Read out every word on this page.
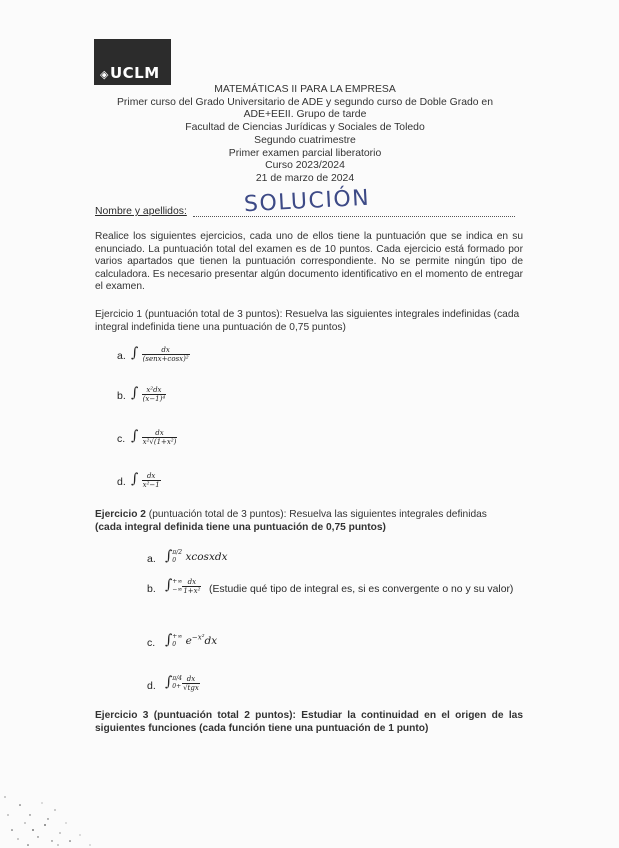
◈UCLM
MATEMÁTICAS II PARA LA EMPRESA
Primer curso del Grado Universitario de ADE y segundo curso de Doble Grado en
ADE+EEII. Grupo de tarde
Facultad de Ciencias Jurídicas y Sociales de Toledo
Segundo cuatrimestre
Primer examen parcial liberatorio
Curso 2023/2024
21 de marzo de 2024
Nombre y apellidos:	SOLUCIÓN
Realice los siguientes ejercicios, cada uno de ellos tiene la puntuación que se indica en su enunciado. La puntuación total del examen es de 10 puntos. Cada ejercicio está formado por varios apartados que tienen la puntuación correspondiente. No se permite ningún tipo de calculadora. Es necesario presentar algún documento identificativo en el momento de entregar el examen.
Ejercicio 1 (puntuación total de 3 puntos): Resuelva las siguientes integrales indefinidas (cada integral indefinida tiene una puntuación de 0,75 puntos)
a. ∫ $\frac{dx}{\text{(senx+cosx)²}}$
b. ∫ $\frac{\text{x²dx}}{\text{(x−1)⁴}}$
c. ∫ $\frac{dx}{\text{x²√(1+x²)}}$
d. ∫ $\frac{dx}{\text{x²−1}}$
Ejercicio 2 (puntuación total de 3 puntos): Resuelva las siguientes integrales definidas
(cada integral definida tiene una puntuación de 0,75 puntos)
a. ∫ π/2
0 xcosxdx
b. ∫ +∞
−∞ $\frac{dx}{\text{1+x²}}$ (Estudie qué tipo de integral es, si es convergente o no y su valor)
c. ∫ +∞
0 $e^{-x^2}dx$
d. ∫ π/4
$0+ \frac{dx}{\text{√tgx}}$
Ejercicio 3 (puntuación total 2 puntos): Estudiar la continuidad en el origen de las siguientes funciones (cada función tiene una puntuación de 1 punto)
